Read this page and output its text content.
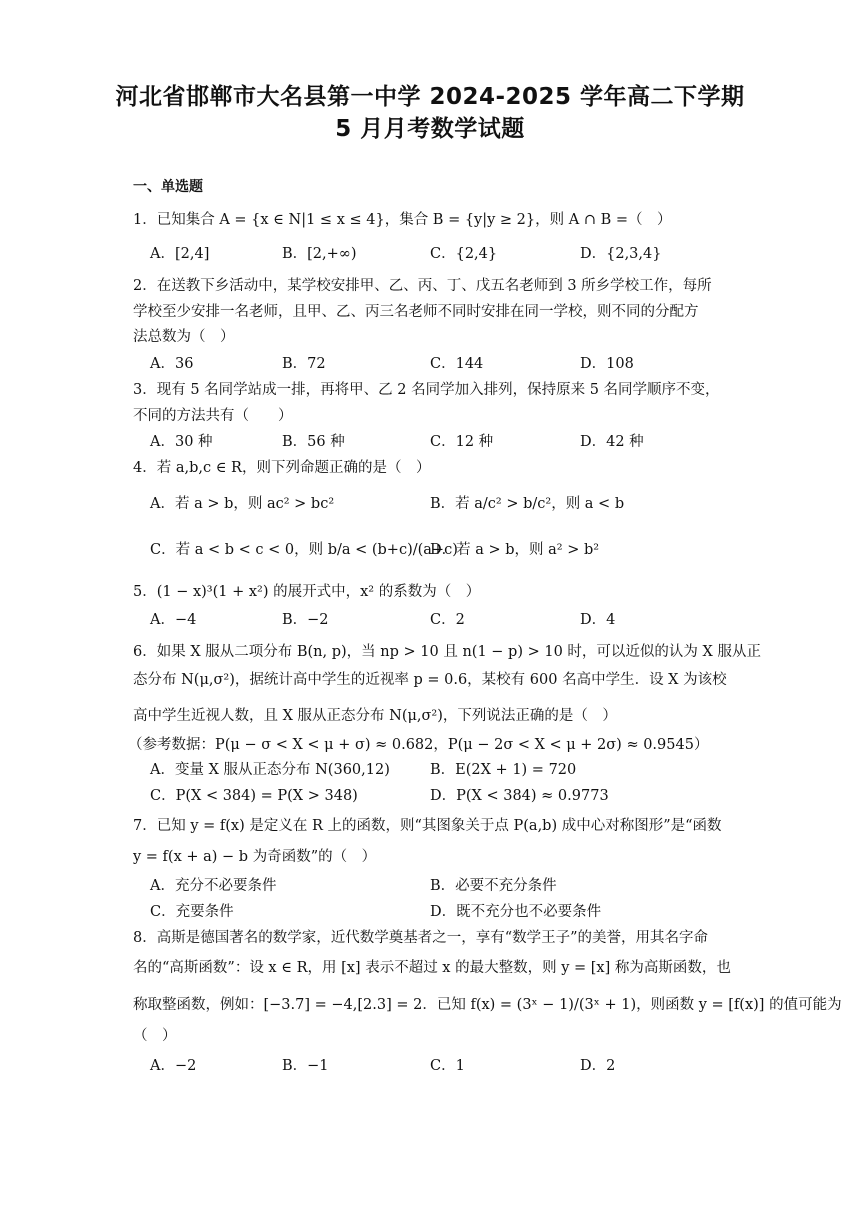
河北省邯郸市大名县第一中学 2024-2025 学年高二下学期
5 月月考数学试题
一、单选题
1．已知集合 A = {x ∈ N|1 ≤ x ≤ 4}，集合 B = {y|y ≥ 2}，则 A ∩ B =（　）
A．[2,4]	B．[2,+∞)	C．{2,4}	D．{2,3,4}
2．在送教下乡活动中，某学校安排甲、乙、丙、丁、戊五名老师到 3 所乡学校工作，每所
学校至少安排一名老师，且甲、乙、丙三名老师不同时安排在同一学校，则不同的分配方
法总数为（　）
A．36	B．72	C．144	D．108
3．现有 5 名同学站成一排，再将甲、乙 2 名同学加入排列，保持原来 5 名同学顺序不变，
不同的方法共有（　　）
A．30 种	B．56 种	C．12 种	D．42 种
4．若 a,b,c ∈ R，则下列命题正确的是（　）
A．若 a > b，则 ac² > bc²	B．若 a/c² > b/c²，则 a < b
C．若 a < b < c < 0，则 b/a < (b+c)/(a+c)
D．若 a > b，则 a² > b²
5．(1 − x)³(1 + x²) 的展开式中，x² 的系数为（　）
A．−4	B．−2	C．2	D．4
6．如果 X 服从二项分布 B(n, p)，当 np > 10 且 n(1 − p) > 10 时，可以近似的认为 X 服从正
态分布 N(μ,σ²)，据统计高中学生的近视率 p = 0.6，某校有 600 名高中学生．设 X 为该校
高中学生近视人数，且 X 服从正态分布 N(μ,σ²)，下列说法正确的是（　）
（参考数据：P(μ − σ < X < μ + σ) ≈ 0.682，P(μ − 2σ < X < μ + 2σ) ≈ 0.9545）
A．变量 X 服从正态分布 N(360,12)	B．E(2X + 1) = 720
C．P(X < 384) = P(X > 348)	D．P(X < 384) ≈ 0.9773
7．已知 y = f(x) 是定义在 R 上的函数，则“其图象关于点 P(a,b) 成中心对称图形”是“函数
y = f(x + a) − b 为奇函数”的（　）
A．充分不必要条件	B．必要不充分条件
C．充要条件	D．既不充分也不必要条件
8．高斯是德国著名的数学家，近代数学奠基者之一，享有“数学王子”的美誉，用其名字命
名的“高斯函数”：设 x ∈ R，用 [x] 表示不超过 x 的最大整数，则 y = [x] 称为高斯函数，也
称取整函数，例如：[−3.7] = −4,[2.3] = 2．已知 f(x) = (3ˣ − 1)/(3ˣ + 1)，则函数 y = [f(x)] 的值可能为
（　）
A．−2	B．−1	C．1	D．2
